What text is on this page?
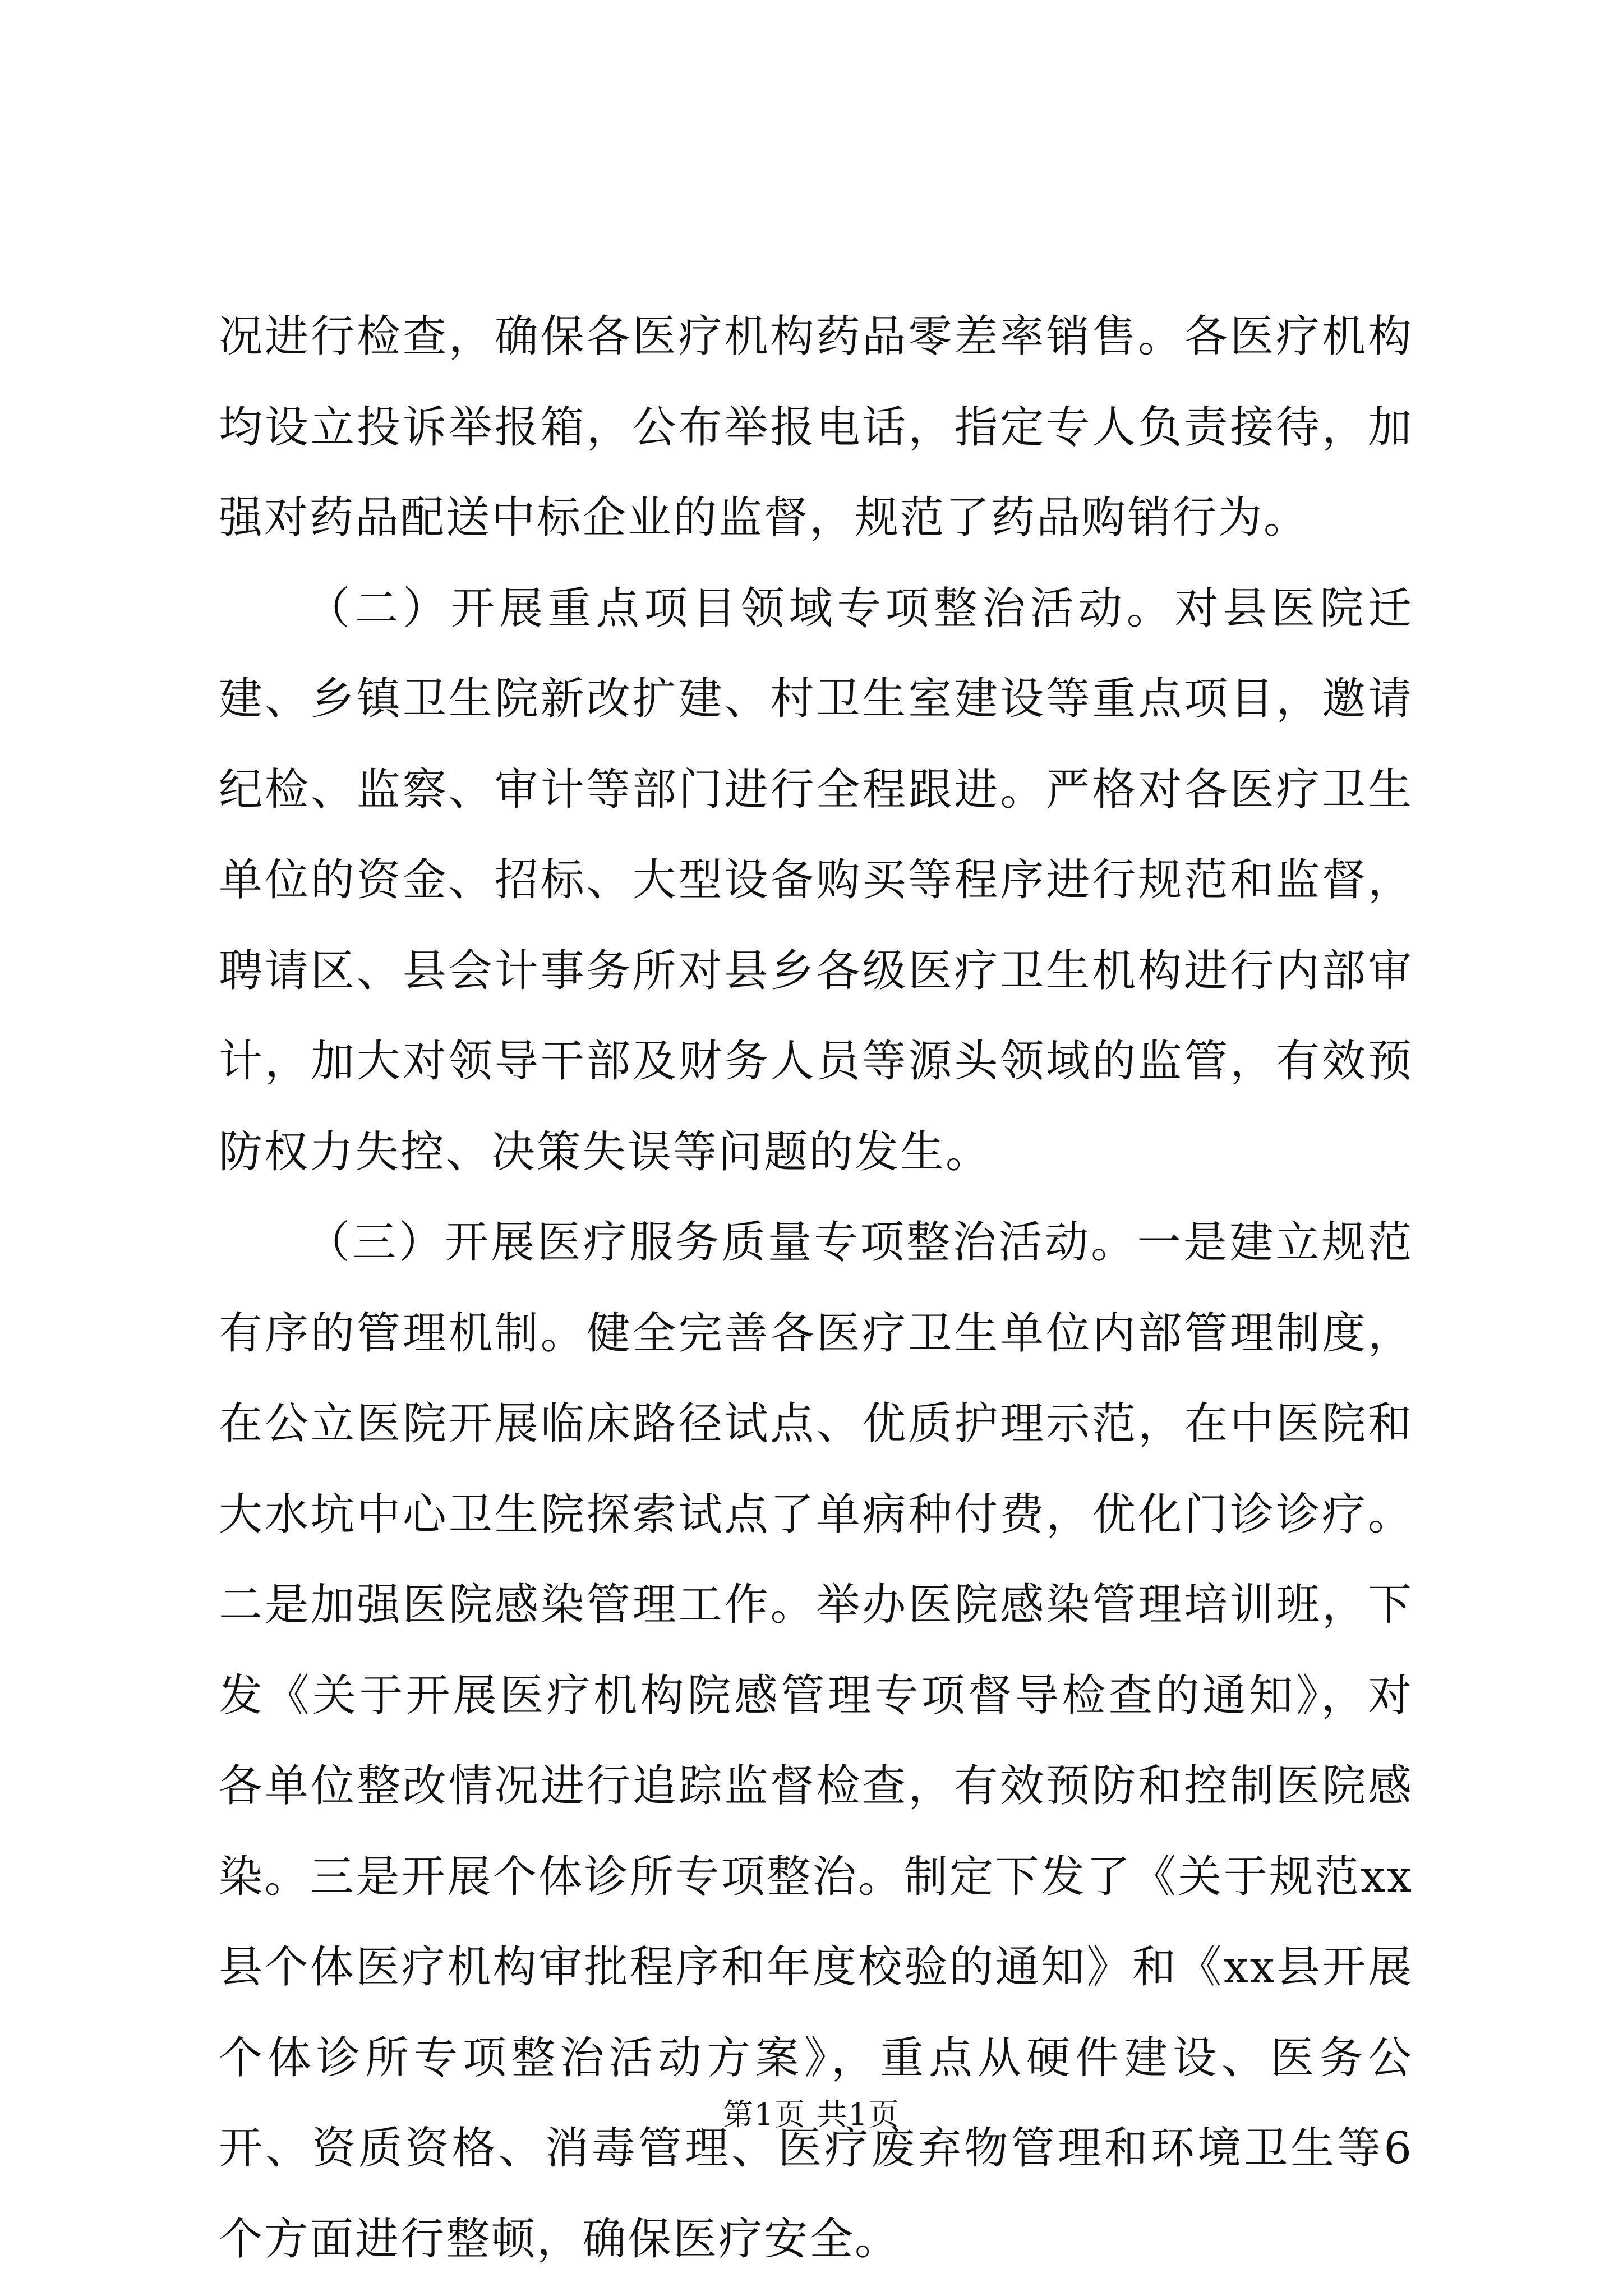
况进行检查，确保各医疗机构药品零差率销售。各医疗机构均设立投诉举报箱，公布举报电话，指定专人负责接待，加强对药品配送中标企业的监督，规范了药品购销行为。

（二）开展重点项目领域专项整治活动。对县医院迁建、乡镇卫生院新改扩建、村卫生室建设等重点项目，邀请纪检、监察、审计等部门进行全程跟进。严格对各医疗卫生单位的资金、招标、大型设备购买等程序进行规范和监督，聘请区、县会计事务所对县乡各级医疗卫生机构进行内部审计，加大对领导干部及财务人员等源头领域的监管，有效预防权力失控、决策失误等问题的发生。

（三）开展医疗服务质量专项整治活动。一是建立规范有序的管理机制。健全完善各医疗卫生单位内部管理制度，在公立医院开展临床路径试点、优质护理示范，在中医院和大水坑中心卫生院探索试点了单病种付费，优化门诊诊疗。二是加强医院感染管理工作。举办医院感染管理培训班，下发《关于开展医疗机构院感管理专项督导检查的通知》，对各单位整改情况进行追踪监督检查，有效预防和控制医院感染。三是开展个体诊所专项整治。制定下发了《关于规范xx县个体医疗机构审批程序和年度校验的通知》和《xx县开展个体诊所专项整治活动方案》，重点从硬件建设、医务公开、资质资格、消毒管理、医疗废弃物管理和环境卫生等6个方面进行整顿，确保医疗安全。

第1页 共1页
